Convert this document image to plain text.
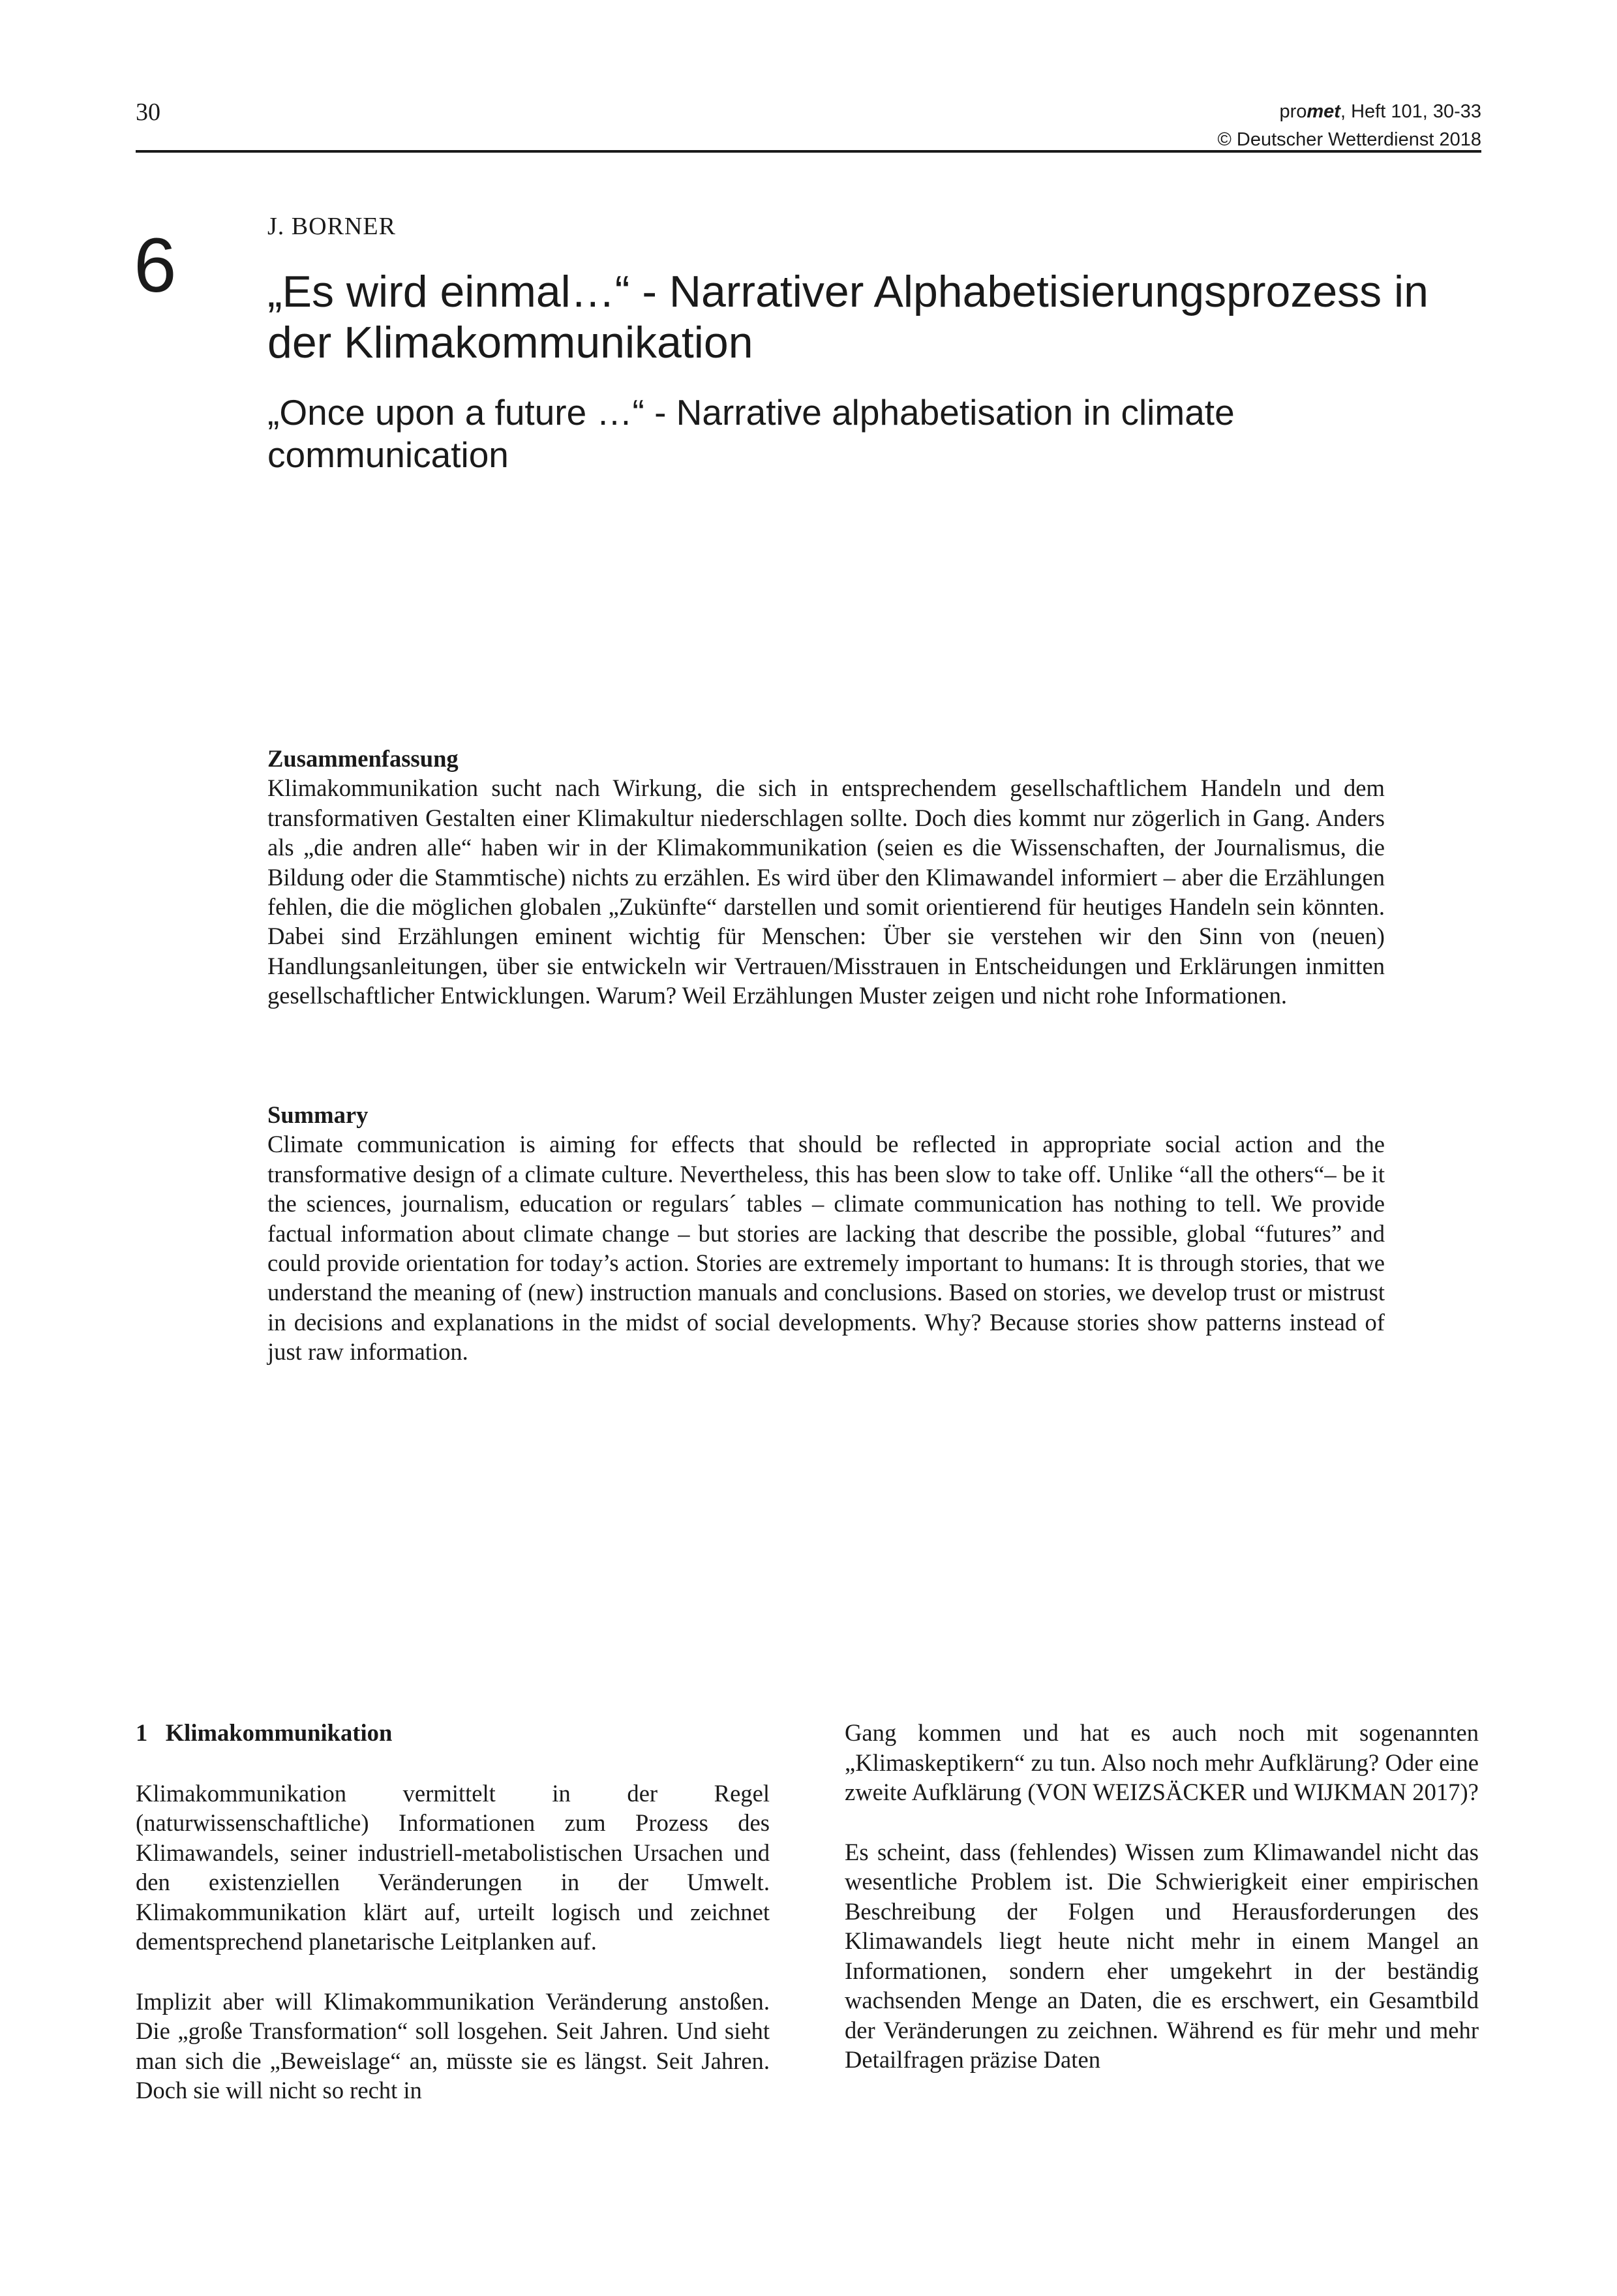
30	promet, Heft 101, 30-33
© Deutscher Wetterdienst 2018
6	J. BORNER
„Es wird einmal…“ - Narrativer Alphabetisierungsprozess in der Klimakommunikation
„Once upon a future …“ - Narrative alphabetisation in climate communication
Zusammenfassung

Klimakommunikation sucht nach Wirkung, die sich in entsprechendem gesellschaftlichem Handeln und dem transformativen Gestalten einer Klimakultur niederschlagen sollte. Doch dies kommt nur zögerlich in Gang. Anders als „die andren alle“ haben wir in der Klimakommunikation (seien es die Wissenschaften, der Journalismus, die Bildung oder die Stammtische) nichts zu erzählen. Es wird über den Klimawandel informiert – aber die Erzählungen fehlen, die die möglichen globalen „Zukünfte“ darstellen und somit orientierend für heutiges Handeln sein könnten. Dabei sind Erzählungen eminent wichtig für Menschen: Über sie verstehen wir den Sinn von (neuen) Handlungsanleitungen, über sie entwickeln wir Vertrauen/Misstrauen in Entscheidungen und Erklärungen inmitten gesellschaftlicher Entwicklungen. Warum? Weil Erzählungen Muster zeigen und nicht rohe Informationen.

Summary

Climate communication is aiming for effects that should be reflected in appropriate social action and the transformative design of a climate culture. Nevertheless, this has been slow to take off. Unlike “all the others“– be it the sciences, journalism, education or regulars´ tables – climate communication has nothing to tell. We provide factual information about climate change – but stories are lacking that describe the possible, global “futures” and could provide orientation for today’s action. Stories are extremely important to humans: It is through stories, that we understand the meaning of (new) instruction manuals and conclusions. Based on stories, we develop trust or mistrust in decisions and explanations in the midst of social developments. Why? Because stories show patterns instead of just raw information.

1   Klimakommunikation

Klimakommunikation vermittelt in der Regel (naturwissenschaftliche) Informationen zum Prozess des Klimawandels, seiner industriell-metabolistischen Ursachen und den existenziellen Veränderungen in der Umwelt. Klimakommunikation klärt auf, urteilt logisch und zeichnet dementsprechend planetarische Leitplanken auf.

Implizit aber will Klimakommunikation Veränderung anstoßen. Die „große Transformation“ soll losgehen. Seit Jahren. Und sieht man sich die „Beweislage“ an, müsste sie es längst. Seit Jahren. Doch sie will nicht so recht in

Gang kommen und hat es auch noch mit sogenannten „Klimaskeptikern“ zu tun. Also noch mehr Aufklärung? Oder eine zweite Aufklärung (VON WEIZSÄCKER und WIJKMAN 2017)?

Es scheint, dass (fehlendes) Wissen zum Klimawandel nicht das wesentliche Problem ist. Die Schwierigkeit einer empirischen Beschreibung der Folgen und Herausforderungen des Klimawandels liegt heute nicht mehr in einem Mangel an Informationen, sondern eher umgekehrt in der beständig wachsenden Menge an Daten, die es erschwert, ein Gesamtbild der Veränderungen zu zeichnen. Während es für mehr und mehr Detailfragen präzise Daten
